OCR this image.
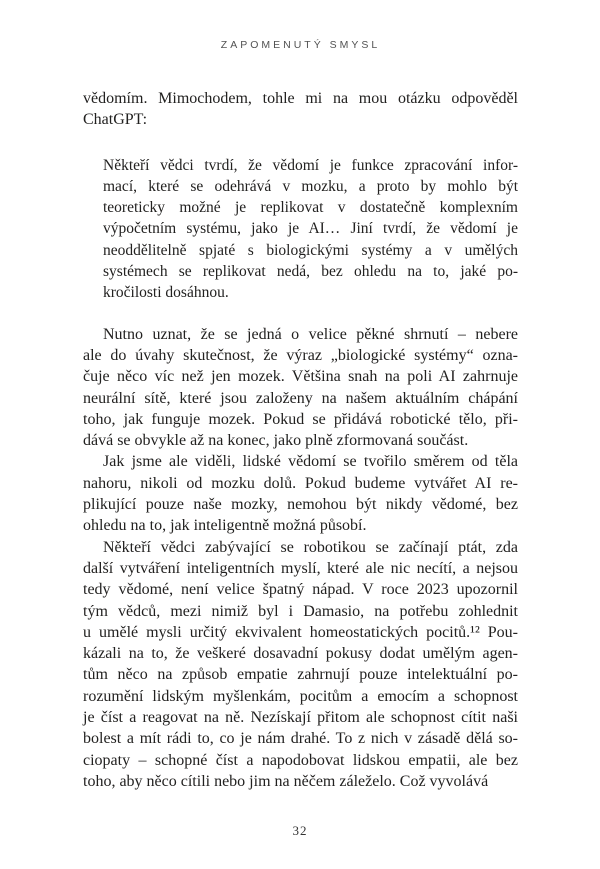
ZAPOMENUTÝ SMYSL
vědomím. Mimochodem, tohle mi na mou otázku odpověděl
ChatGPT:
Někteří vědci tvrdí, že vědomí je funkce zpracování infor-
mací, které se odehrává v mozku, a proto by mohlo být
teoreticky možné je replikovat v dostatečně komplexním
výpočetním systému, jako je AI… Jiní tvrdí, že vědomí je
neoddělitelně spjaté s biologickými systémy a v umělých
systémech se replikovat nedá, bez ohledu na to, jaké po-
kročilosti dosáhnou.
Nutno uznat, že se jedná o velice pěkné shrnutí – nebere
ale do úvahy skutečnost, že výraz „biologické systémy“ ozna-
čuje něco víc než jen mozek. Většina snah na poli AI zahrnuje
neurální sítě, které jsou založeny na našem aktuálním chápání
toho, jak funguje mozek. Pokud se přidává robotické tělo, při-
dává se obvykle až na konec, jako plně zformovaná součást.
Jak jsme ale viděli, lidské vědomí se tvořilo směrem od těla
nahoru, nikoli od mozku dolů. Pokud budeme vytvářet AI re-
plikující pouze naše mozky, nemohou být nikdy vědomé, bez
ohledu na to, jak inteligentně možná působí.
Někteří vědci zabývající se robotikou se začínají ptát, zda
další vytváření inteligentních myslí, které ale nic necítí, a nejsou
tedy vědomé, není velice špatný nápad. V roce 2023 upozornil
tým vědců, mezi nimiž byl i Damasio, na potřebu zohlednit
u umělé mysli určitý ekvivalent homeostatických pocitů.¹² Pou-
kázali na to, že veškeré dosavadní pokusy dodat umělým agen-
tům něco na způsob empatie zahrnují pouze intelektuální po-
rozumění lidským myšlenkám, pocitům a emocím a schopnost
je číst a reagovat na ně. Nezískají přitom ale schopnost cítit naši
bolest a mít rádi to, co je nám drahé. To z nich v zásadě dělá so-
ciopaty – schopné číst a napodobovat lidskou empatii, ale bez
toho, aby něco cítili nebo jim na něčem záleželo. Což vyvolává
32
